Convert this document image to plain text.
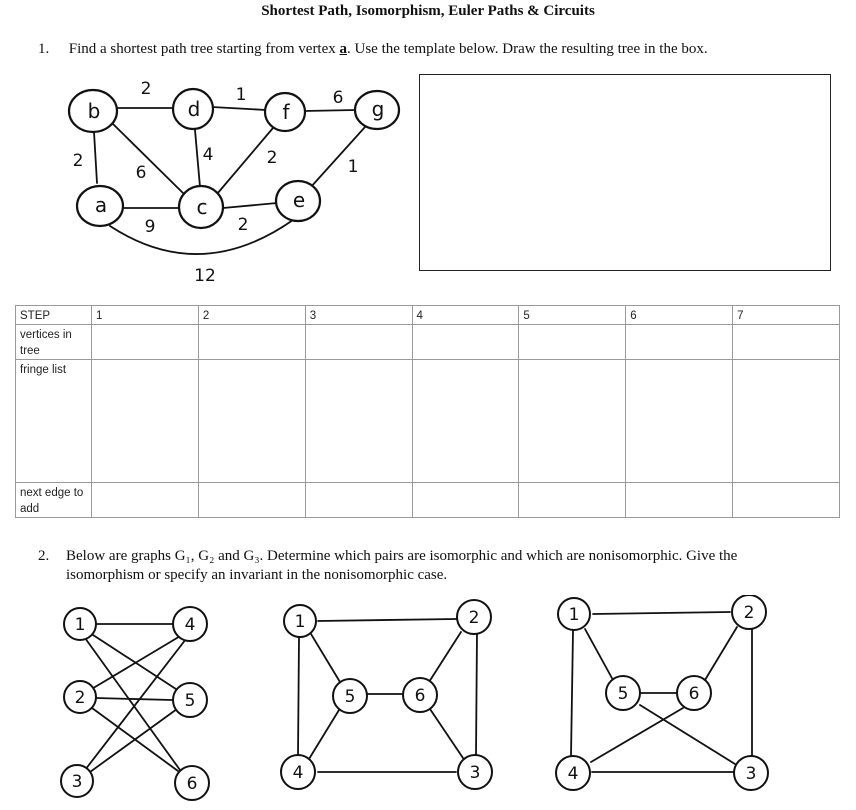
Shortest Path, Isomorphism, Euler Paths & Circuits
1. Find a shortest path tree starting from vertex a. Use the template below. Draw the resulting tree in the box.
b	d	f	g
a	c	e
2	1	6
2
6
4	2	1
9	2
12
STEP	1	2	3	4	5	6	7
vertices in tree							
fringe list							
next edge to add							
2. Below are graphs G₁, G₂ and G₃. Determine which pairs are isomorphic and which are nonisomorphic. Give the
isomorphism or specify an invariant in the nonisomorphic case.
1	4
2	5
3	6
1	2
5	6
4	3
1	2
5	6
4	3
